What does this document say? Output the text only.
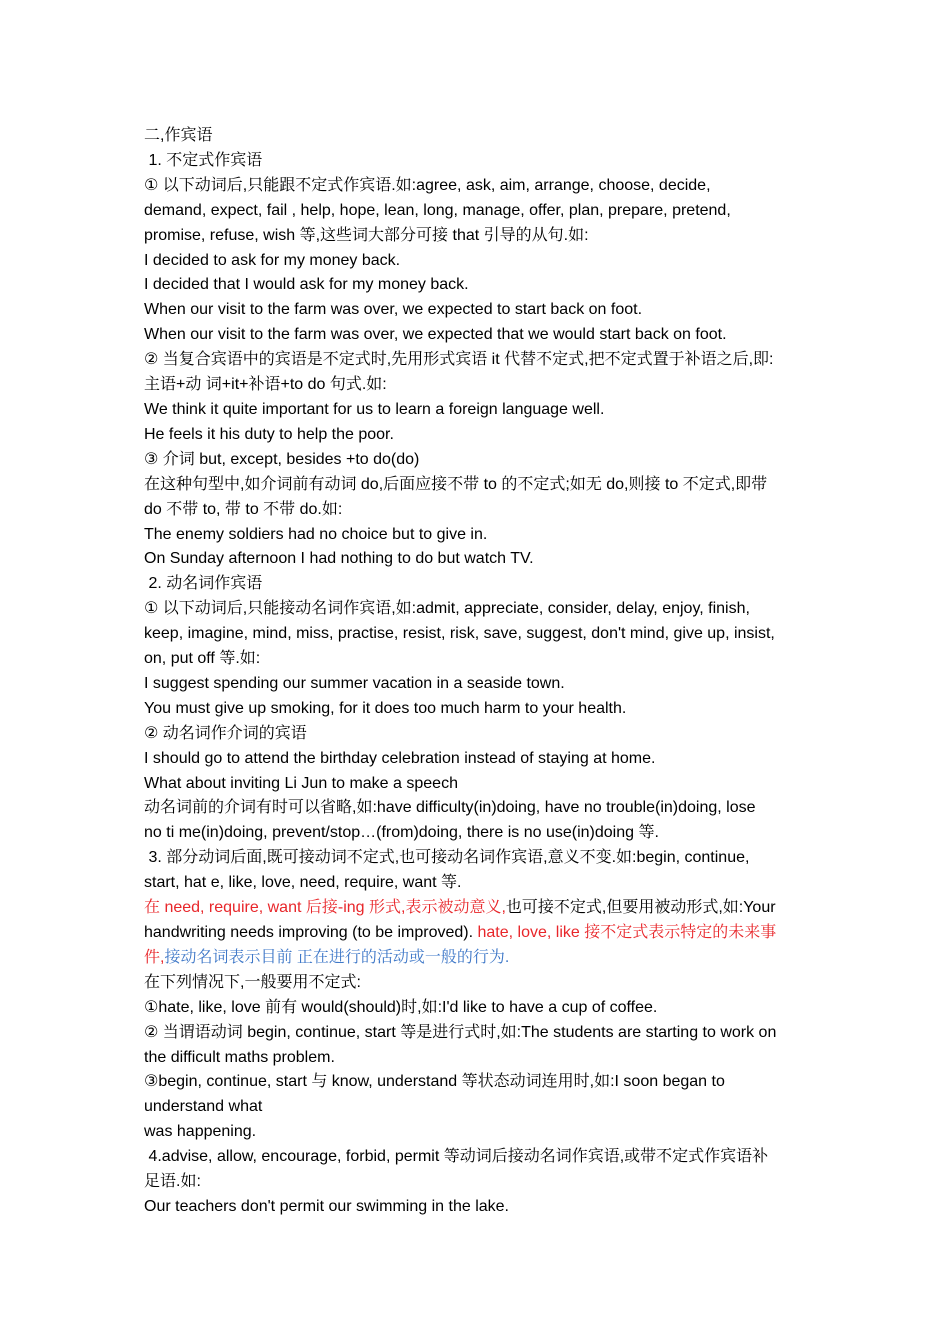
二,作宾语

1. 不定式作宾语

① 以下动词后,只能跟不定式作宾语.如:agree, ask, aim, arrange, choose, decide,

demand, expect, fail , help, hope, lean, long, manage, offer, plan, prepare, pretend,

promise, refuse, wish 等,这些词大部分可接 that 引导的从句.如:

I decided to ask for my money back.

I decided that I would ask for my money back.

When our visit to the farm was over, we expected to start back on foot.

When our visit to the farm was over, we expected that we would start back on foot.

② 当复合宾语中的宾语是不定式时,先用形式宾语 it 代替不定式,把不定式置于补语之后,即:

主语+动 词+it+补语+to do 句式.如:

We think it quite important for us to learn a foreign language well.

He feels it his duty to help the poor.

③ 介词 but, except, besides +to do(do)

在这种句型中,如介词前有动词 do,后面应接不带 to 的不定式;如无 do,则接 to 不定式,即带

do 不带 to, 带 to 不带 do.如:

The enemy soldiers had no choice but to give in.

On Sunday afternoon I had nothing to do but watch TV.

2. 动名词作宾语

① 以下动词后,只能接动名词作宾语,如:admit, appreciate, consider, delay, enjoy, finish,

keep, imagine, mind, miss, practise, resist, risk, save, suggest, don't mind, give up, insist,

on, put off 等.如:

I suggest spending our summer vacation in a seaside town.

You must give up smoking, for it does too much harm to your health.

② 动名词作介词的宾语

I should go to attend the birthday celebration instead of staying at home.

What about inviting Li Jun to make a speech

动名词前的介词有时可以省略,如:have difficulty(in)doing, have no trouble(in)doing, lose

no ti me(in)doing, prevent/stop…(from)doing, there is no use(in)doing 等.

3. 部分动词后面,既可接动词不定式,也可接动名词作宾语,意义不变.如:begin, continue,

start, hat e, like, love, need, require, want 等.

在 need, require, want 后接-ing 形式,表示被动意义,也可接不定式,但要用被动形式,如:Your

handwriting needs improving (to be improved). hate, love, like 接不定式表示特定的未来事

件,接动名词表示目前 正在进行的活动或一般的行为.

在下列情况下,一般要用不定式:

①hate, like, love 前有 would(should)时,如:I'd like to have a cup of coffee.

② 当谓语动词 begin, continue, start 等是进行式时,如:The students are starting to work on

the difficult maths problem.

③begin, continue, start 与 know, understand 等状态动词连用时,如:I soon began to

understand what

was happening.

4.advise, allow, encourage, forbid, permit 等动词后接动名词作宾语,或带不定式作宾语补

足语.如:

Our teachers don't permit our swimming in the lake.
